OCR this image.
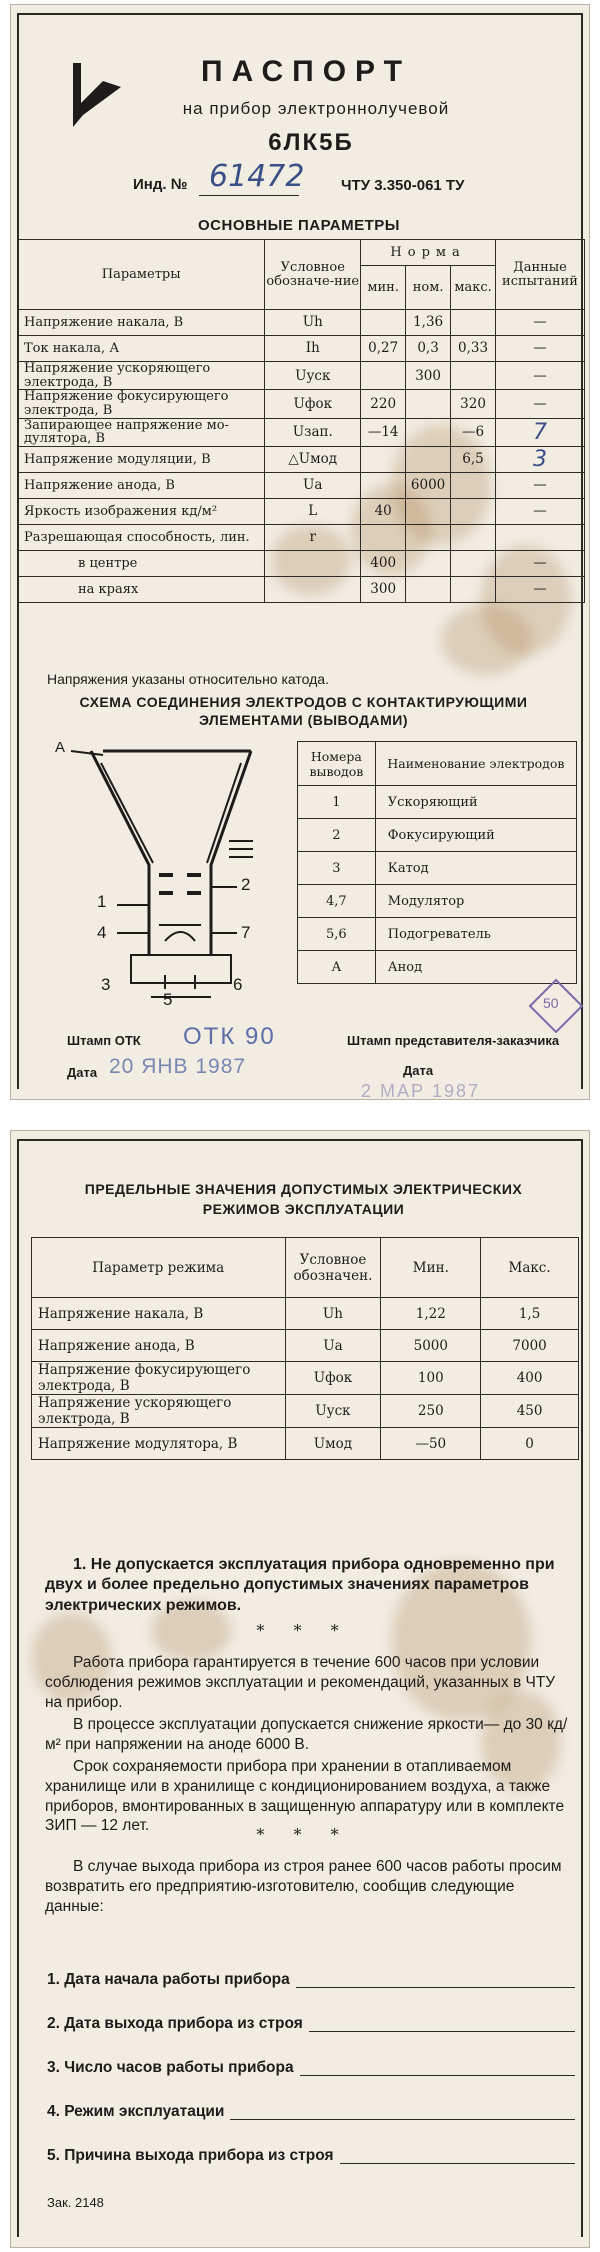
ПАСПОРТ
на прибор электроннолучевой
6ЛК5Б
Инд. № 61472 ЧТУ 3.350-061 ТУ
ОСНОВНЫЕ ПАРАМЕТРЫ
Параметры	Условное обозначе-ние	Норма			Данные испытаний
		мин.	ном.	макс.	
Напряжение накала, В	Uh		1,36		—
Ток накала, А	Ih	0,27	0,3	0,33	—
Напряжение ускоряющего электрода, В	Uуск		300		—
Напряжение фокусирующего электрода, В	Uфок	220		320	—
Запирающее напряжение мо-дулятора, В	Uзап.	—14		—6	7
Напряжение модуляции, В	△Uмод			6,5	3
Напряжение анода, В	Ua		6000		—
Яркость изображения кд/м²	L	40			—
Разрешающая способность, лин.	r				
в центре		400			—
на краях		300			—
Напряжения указаны относительно катода.
СХЕМА СОЕДИНЕНИЯ ЭЛЕКТРОДОВ С КОНТАКТИРУЮЩИМИ
ЭЛЕМЕНТАМИ (ВЫВОДАМИ)
A
1
2
3
4
5
6
7
Номера выводов	Наименование электродов
1	Ускоряющий
2	Фокусирующий
3	Катод
4,7	Модулятор
5,6	Подогреватель
A	Анод
Штамп ОТК ОТК 90
Дата 20 ЯНВ 1987
Штамп представителя-заказчика
Дата
50
2 МАР 1987
ПРЕДЕЛЬНЫЕ ЗНАЧЕНИЯ ДОПУСТИМЫХ ЭЛЕКТРИЧЕСКИХ
РЕЖИМОВ ЭКСПЛУАТАЦИИ
Параметр режима	Условное обозначен.	Мин.	Макс.
Напряжение накала, В	Uh	1,22	1,5
Напряжение анода, В	Ua	5000	7000
Напряжение фокусирующего электрода, В	Uфок	100	400
Напряжение ускоряющего электрода, В	Uуск	250	450
Напряжение модулятора, В	Uмод	—50	0
1. Не допускается эксплуатация прибора одновременно при двух и более предельно допустимых значениях параметров электрических режимов.
* * *
Работа прибора гарантируется в течение 600 часов при условии соблюдения режимов эксплуатации и рекомендаций, указанных в ЧТУ на прибор.
В процессе эксплуатации допускается снижение яркости— до 30 кд/м² при напряжении на аноде 6000 В.
Срок сохраняемости прибора при хранении в отапливаемом хранилище или в хранилище с кондиционированием воздуха, а также приборов, вмонтированных в защищенную аппаратуру или в комплекте ЗИП — 12 лет.	* * *
В случае выхода прибора из строя ранее 600 часов работы просим возвратить его предприятию-изготовителю, сообщив следующие данные:
1. Дата начала работы прибора
2. Дата выхода прибора из строя
3. Число часов работы прибора
4. Режим эксплуатации
5. Причина выхода прибора из строя
Зак. 2148
